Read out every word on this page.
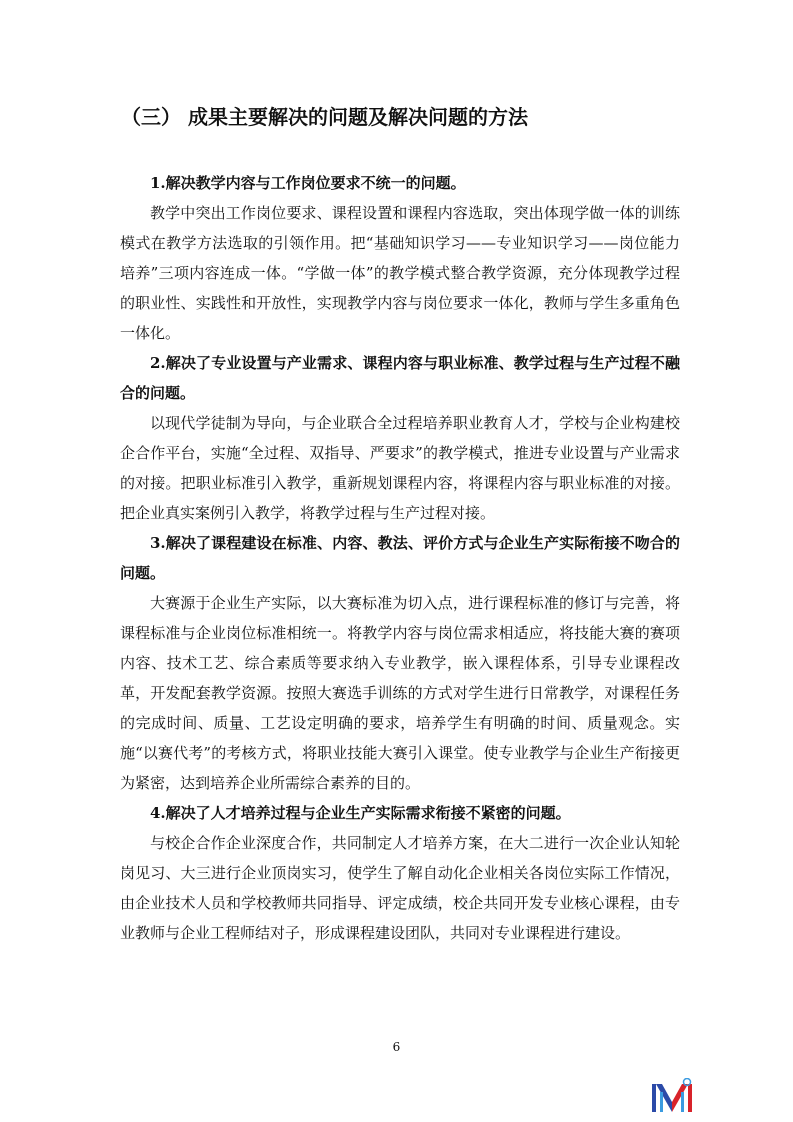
（三） 成果主要解决的问题及解决问题的方法

1.解决教学内容与工作岗位要求不统一的问题。

教学中突出工作岗位要求、课程设置和课程内容选取，突出体现学做一体的训练模式在教学方法选取的引领作用。把“基础知识学习——专业知识学习——岗位能力培养”三项内容连成一体。“学做一体”的教学模式整合教学资源，充分体现教学过程的职业性、实践性和开放性，实现教学内容与岗位要求一体化，教师与学生多重角色一体化。

2.解决了专业设置与产业需求、课程内容与职业标准、教学过程与生产过程不融合的问题。

以现代学徒制为导向，与企业联合全过程培养职业教育人才，学校与企业构建校企合作平台，实施“全过程、双指导、严要求”的教学模式，推进专业设置与产业需求的对接。把职业标准引入教学，重新规划课程内容，将课程内容与职业标准的对接。把企业真实案例引入教学，将教学过程与生产过程对接。

3.解决了课程建设在标准、内容、教法、评价方式与企业生产实际衔接不吻合的问题。

大赛源于企业生产实际，以大赛标准为切入点，进行课程标准的修订与完善，将课程标准与企业岗位标准相统一。将教学内容与岗位需求相适应，将技能大赛的赛项内容、技术工艺、综合素质等要求纳入专业教学，嵌入课程体系，引导专业课程改革，开发配套教学资源。按照大赛选手训练的方式对学生进行日常教学，对课程任务的完成时间、质量、工艺设定明确的要求，培养学生有明确的时间、质量观念。实施“以赛代考”的考核方式，将职业技能大赛引入课堂。使专业教学与企业生产衔接更为紧密，达到培养企业所需综合素养的目的。

4.解决了人才培养过程与企业生产实际需求衔接不紧密的问题。

与校企合作企业深度合作，共同制定人才培养方案，在大二进行一次企业认知轮岗见习、大三进行企业顶岗实习，使学生了解自动化企业相关各岗位实际工作情况，由企业技术人员和学校教师共同指导、评定成绩，校企共同开发专业核心课程，由专业教师与企业工程师结对子，形成课程建设团队，共同对专业课程进行建设。

6
